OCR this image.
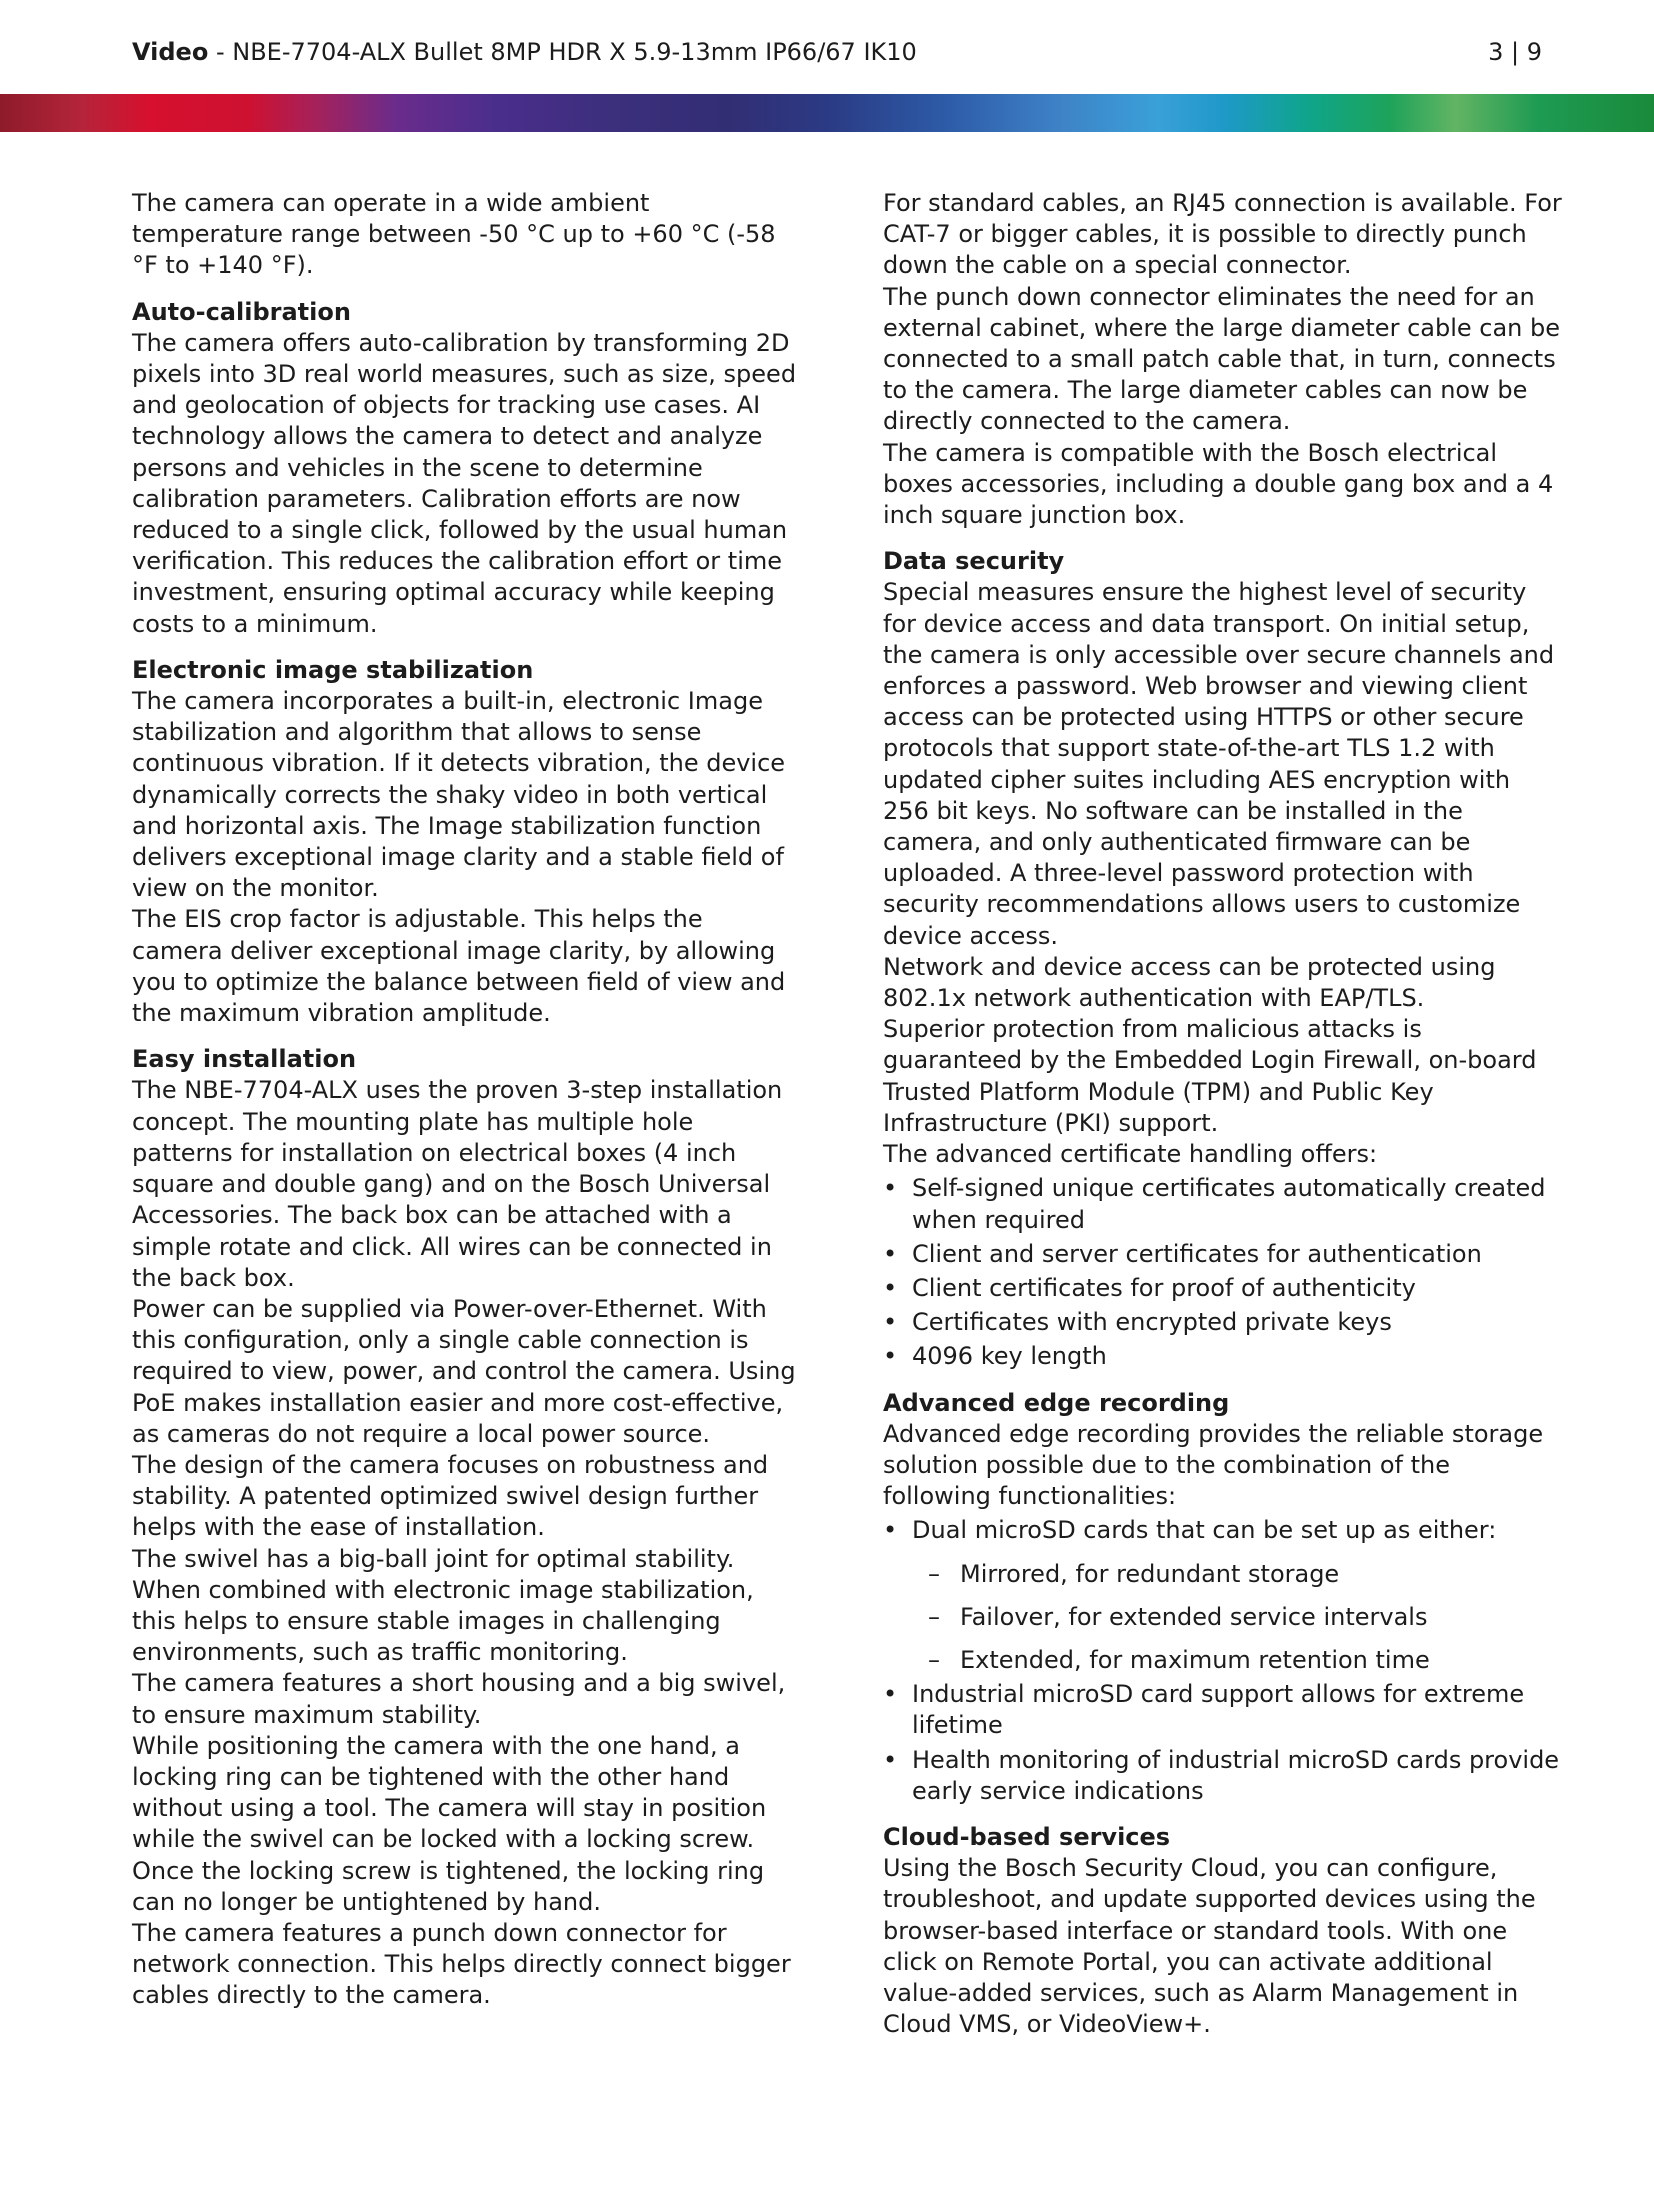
Video - NBE-7704-ALX Bullet 8MP HDR X 5.9-13mm IP66/67 IK10	3 | 9

The camera can operate in a wide ambient temperature range between -50 °C up to +60 °C (-58 °F to +140 °F).

Auto-calibration

The camera offers auto-calibration by transforming 2D pixels into 3D real world measures, such as size, speed and geolocation of objects for tracking use cases. AI technology allows the camera to detect and analyze persons and vehicles in the scene to determine calibration parameters. Calibration efforts are now reduced to a single click, followed by the usual human verification. This reduces the calibration effort or time investment, ensuring optimal accuracy while keeping costs to a minimum.

Electronic image stabilization

The camera incorporates a built-in, electronic Image stabilization and algorithm that allows to sense continuous vibration. If it detects vibration, the device dynamically corrects the shaky video in both vertical and horizontal axis. The Image stabilization function delivers exceptional image clarity and a stable field of view on the monitor.

The EIS crop factor is adjustable. This helps the camera deliver exceptional image clarity, by allowing you to optimize the balance between field of view and the maximum vibration amplitude.

Easy installation

The NBE-7704-ALX uses the proven 3-step installation concept. The mounting plate has multiple hole patterns for installation on electrical boxes (4 inch square and double gang) and on the Bosch Universal Accessories. The back box can be attached with a simple rotate and click. All wires can be connected in the back box.

Power can be supplied via Power-over-Ethernet. With this configuration, only a single cable connection is required to view, power, and control the camera. Using PoE makes installation easier and more cost-effective, as cameras do not require a local power source.

The design of the camera focuses on robustness and stability. A patented optimized swivel design further helps with the ease of installation.

The swivel has a big-ball joint for optimal stability. When combined with electronic image stabilization, this helps to ensure stable images in challenging environments, such as traffic monitoring.

The camera features a short housing and a big swivel, to ensure maximum stability.

While positioning the camera with the one hand, a locking ring can be tightened with the other hand without using a tool. The camera will stay in position while the swivel can be locked with a locking screw. Once the locking screw is tightened, the locking ring can no longer be untightened by hand.

The camera features a punch down connector for network connection. This helps directly connect bigger cables directly to the camera.

For standard cables, an RJ45 connection is available. For CAT-7 or bigger cables, it is possible to directly punch down the cable on a special connector.

The punch down connector eliminates the need for an external cabinet, where the large diameter cable can be connected to a small patch cable that, in turn, connects to the camera. The large diameter cables can now be directly connected to the camera.

The camera is compatible with the Bosch electrical boxes accessories, including a double gang box and a 4 inch square junction box.

Data security

Special measures ensure the highest level of security for device access and data transport. On initial setup, the camera is only accessible over secure channels and enforces a password. Web browser and viewing client access can be protected using HTTPS or other secure protocols that support state-of-the-art TLS 1.2 with updated cipher suites including AES encryption with 256 bit keys. No software can be installed in the camera, and only authenticated firmware can be uploaded. A three-level password protection with security recommendations allows users to customize device access.

Network and device access can be protected using 802.1x network authentication with EAP/TLS.

Superior protection from malicious attacks is guaranteed by the Embedded Login Firewall, on-board Trusted Platform Module (TPM) and Public Key Infrastructure (PKI) support.

The advanced certificate handling offers:

• Self-signed unique certificates automatically created when required
• Client and server certificates for authentication
• Client certificates for proof of authenticity
• Certificates with encrypted private keys
• 4096 key length
Advanced edge recording

Advanced edge recording provides the reliable storage solution possible due to the combination of the following functionalities:

• Dual microSD cards that can be set up as either:
– Mirrored, for redundant storage
– Failover, for extended service intervals
– Extended, for maximum retention time
• Industrial microSD card support allows for extreme lifetime
• Health monitoring of industrial microSD cards provide early service indications
Cloud-based services

Using the Bosch Security Cloud, you can configure, troubleshoot, and update supported devices using the browser-based interface or standard tools. With one click on Remote Portal, you can activate additional value-added services, such as Alarm Management in Cloud VMS, or VideoView+.
